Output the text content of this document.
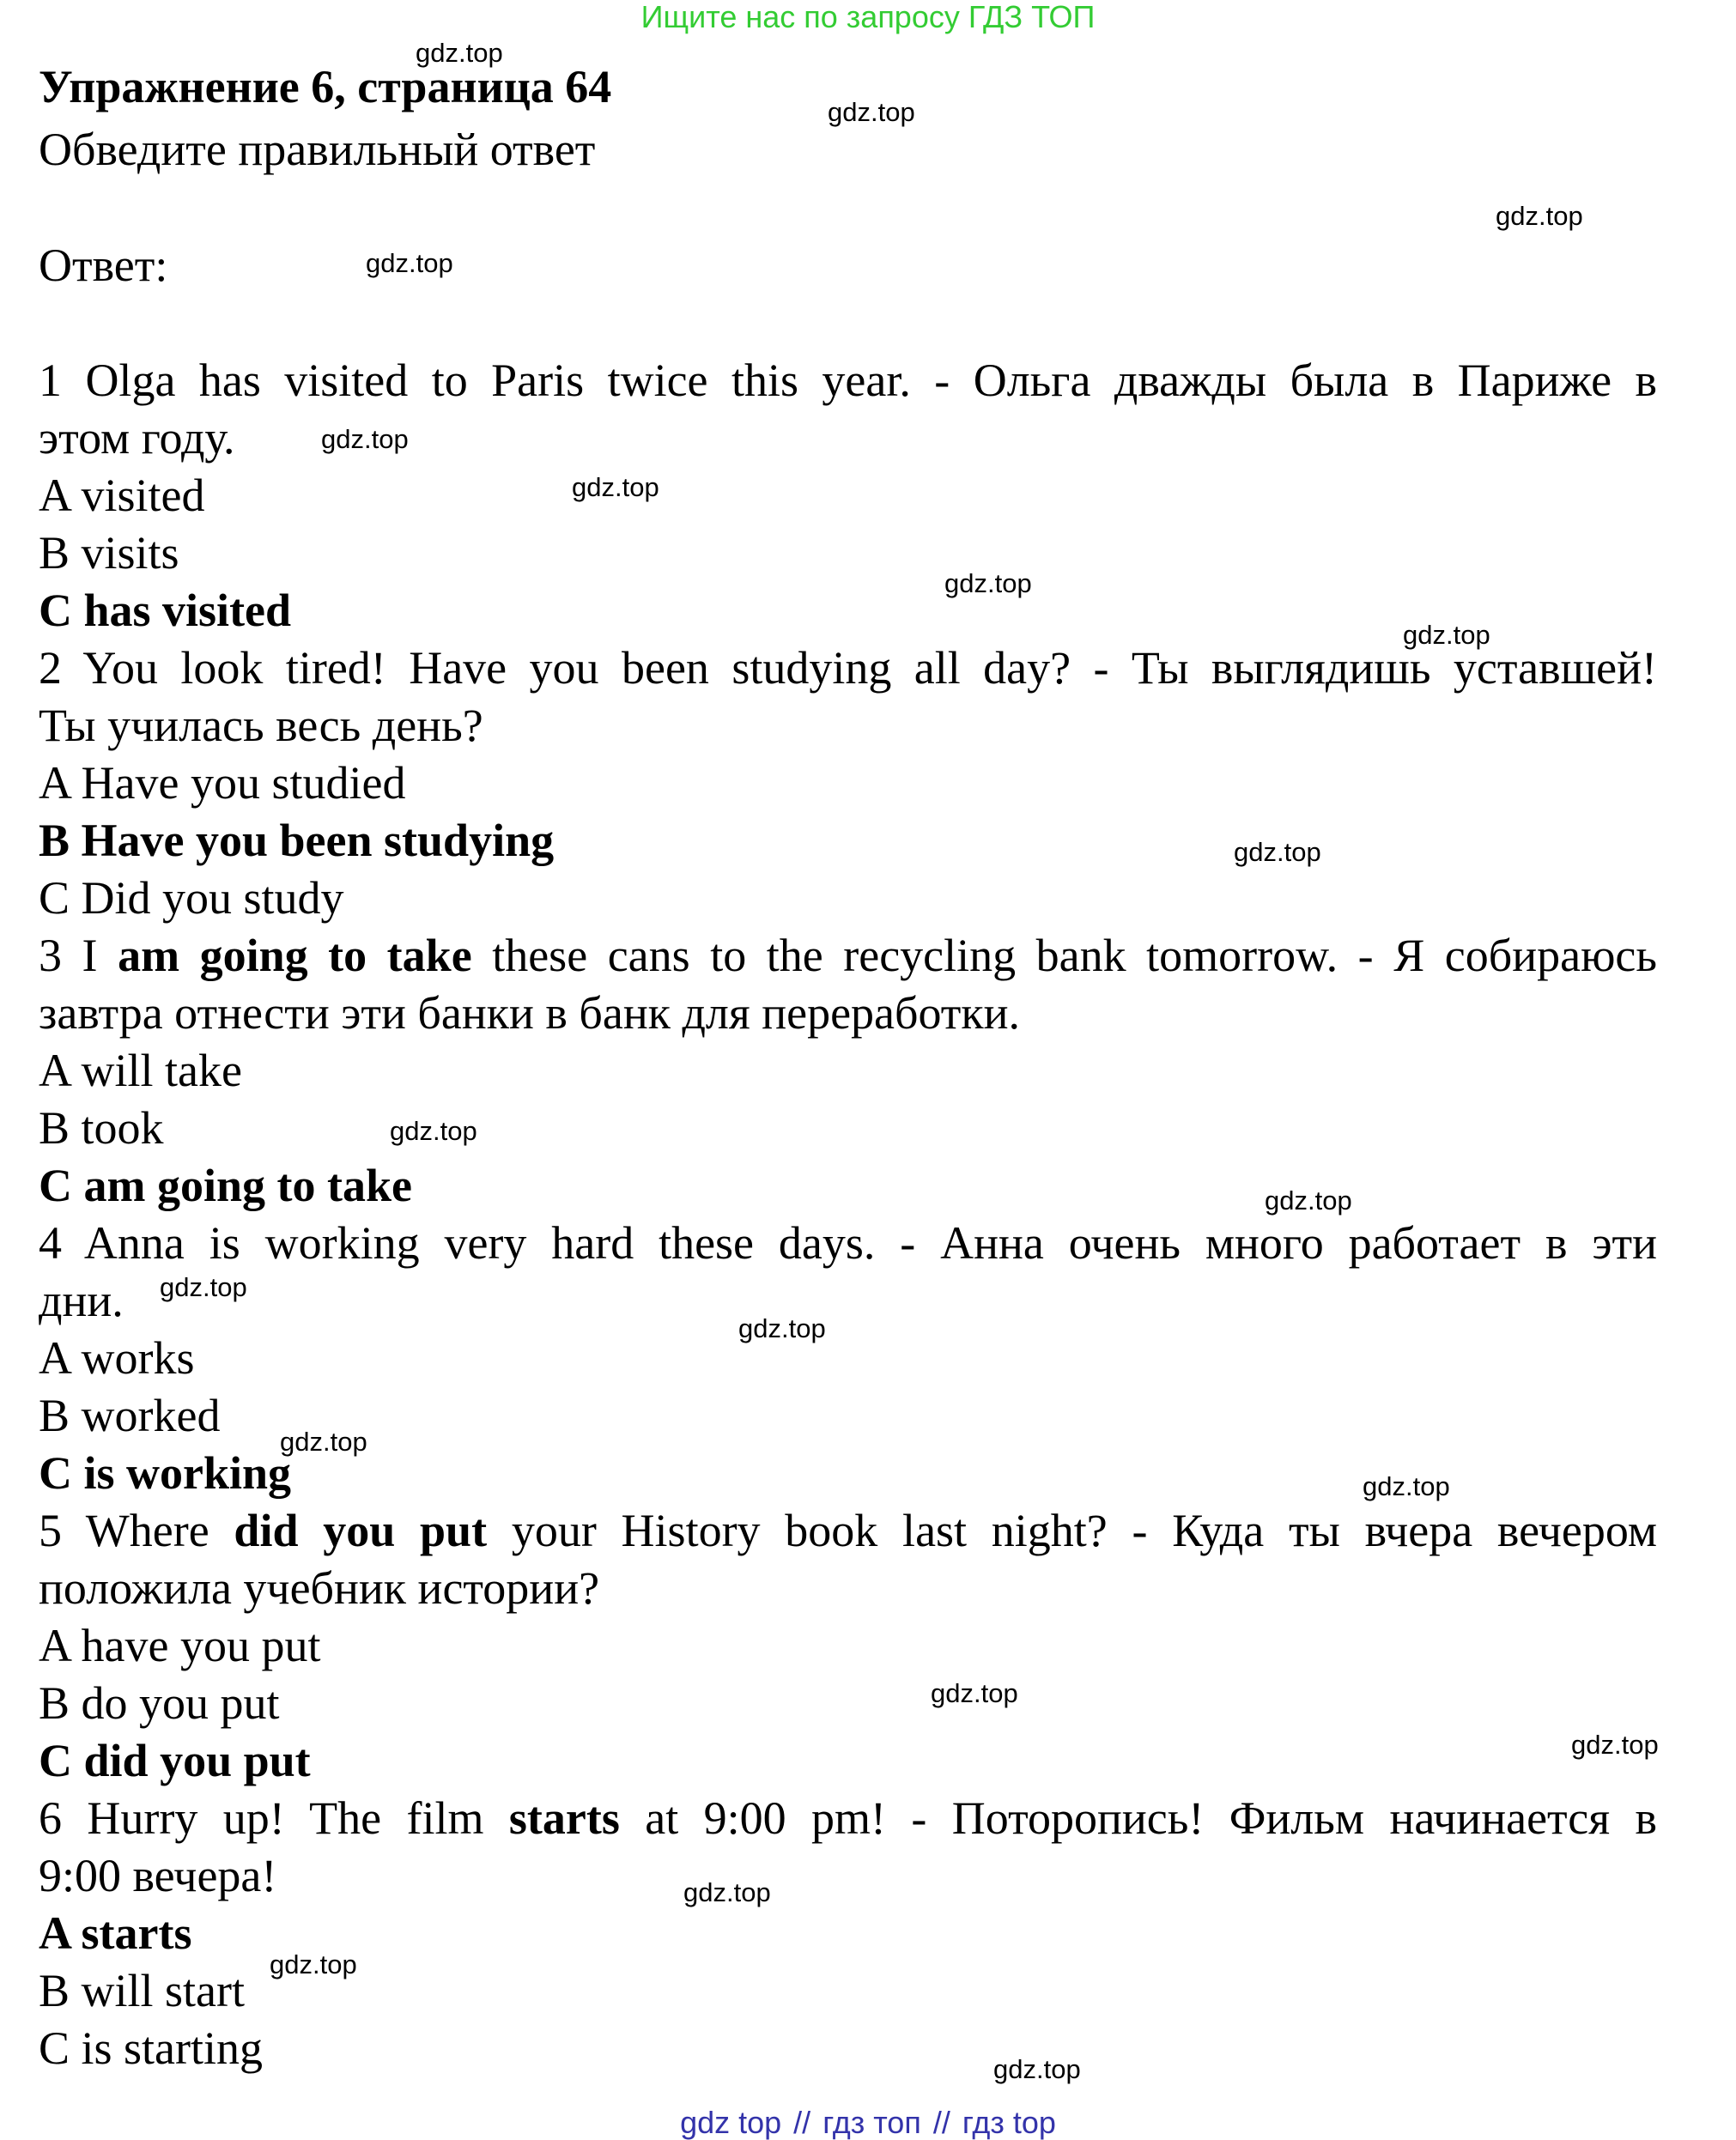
Ищите нас по запросу ГДЗ ТОП
Упражнение 6, страница 64
Обведите правильный ответ
Ответ:
1 Olga has visited to Paris twice this year. - Ольга дважды была в Париже в
этом году.
A visited
B visits
C has visited
2 You look tired! Have you been studying all day? - Ты выглядишь уставшей!
Ты училась весь день?
A Have you studied
B Have you been studying
C Did you study
3 I am going to take these cans to the recycling bank tomorrow. - Я собираюсь
завтра отнести эти банки в банк для переработки.
A will take
B took
C am going to take
4 Anna is working very hard these days. - Анна очень много работает в эти
дни.
A works
B worked
C is working
5 Where did you put your History book last night? - Куда ты вчера вечером
положила учебник истории?
A have you put
B do you put
C did you put
6 Hurry up! The film starts at 9:00 pm! - Поторопись! Фильм начинается в
9:00 вечера!
A starts
B will start
C is starting
gdz.top
gdz.top
gdz.top
gdz.top
gdz.top
gdz.top
gdz.top
gdz.top
gdz.top
gdz.top
gdz.top
gdz.top
gdz.top
gdz.top
gdz.top
gdz.top
gdz.top
gdz.top
gdz.top
gdz.top
gdz top // гдз топ // гдз top
